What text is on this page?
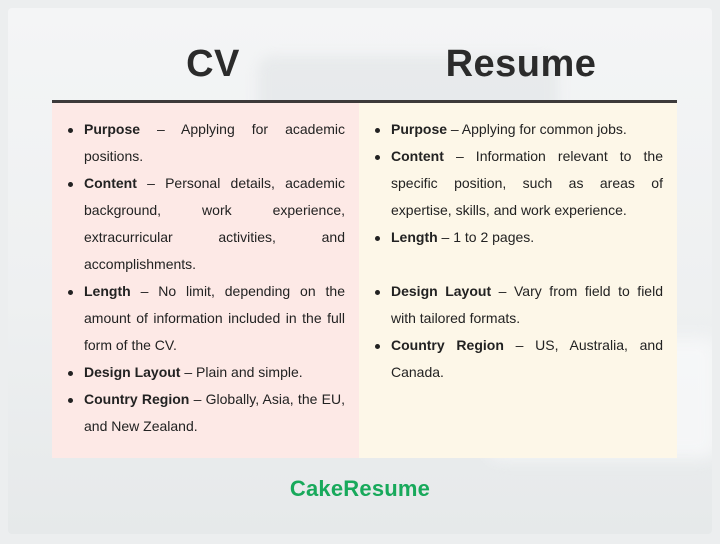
CV	Resume
Purpose – Applying for academic positions.
Content – Personal details, academic background, work experience, extracurricular activities, and accomplishments.
Length – No limit, depending on the amount of information included in the full form of the CV.
Design Layout – Plain and simple.
Country Region – Globally, Asia, the EU, and New Zealand.
Purpose – Applying for common jobs.
Content – Information relevant to the specific position, such as areas of expertise, skills, and work experience.
Length – 1 to 2 pages.
Design Layout – Vary from field to field with tailored formats.
Country Region – US, Australia, and Canada.
CakeResume
